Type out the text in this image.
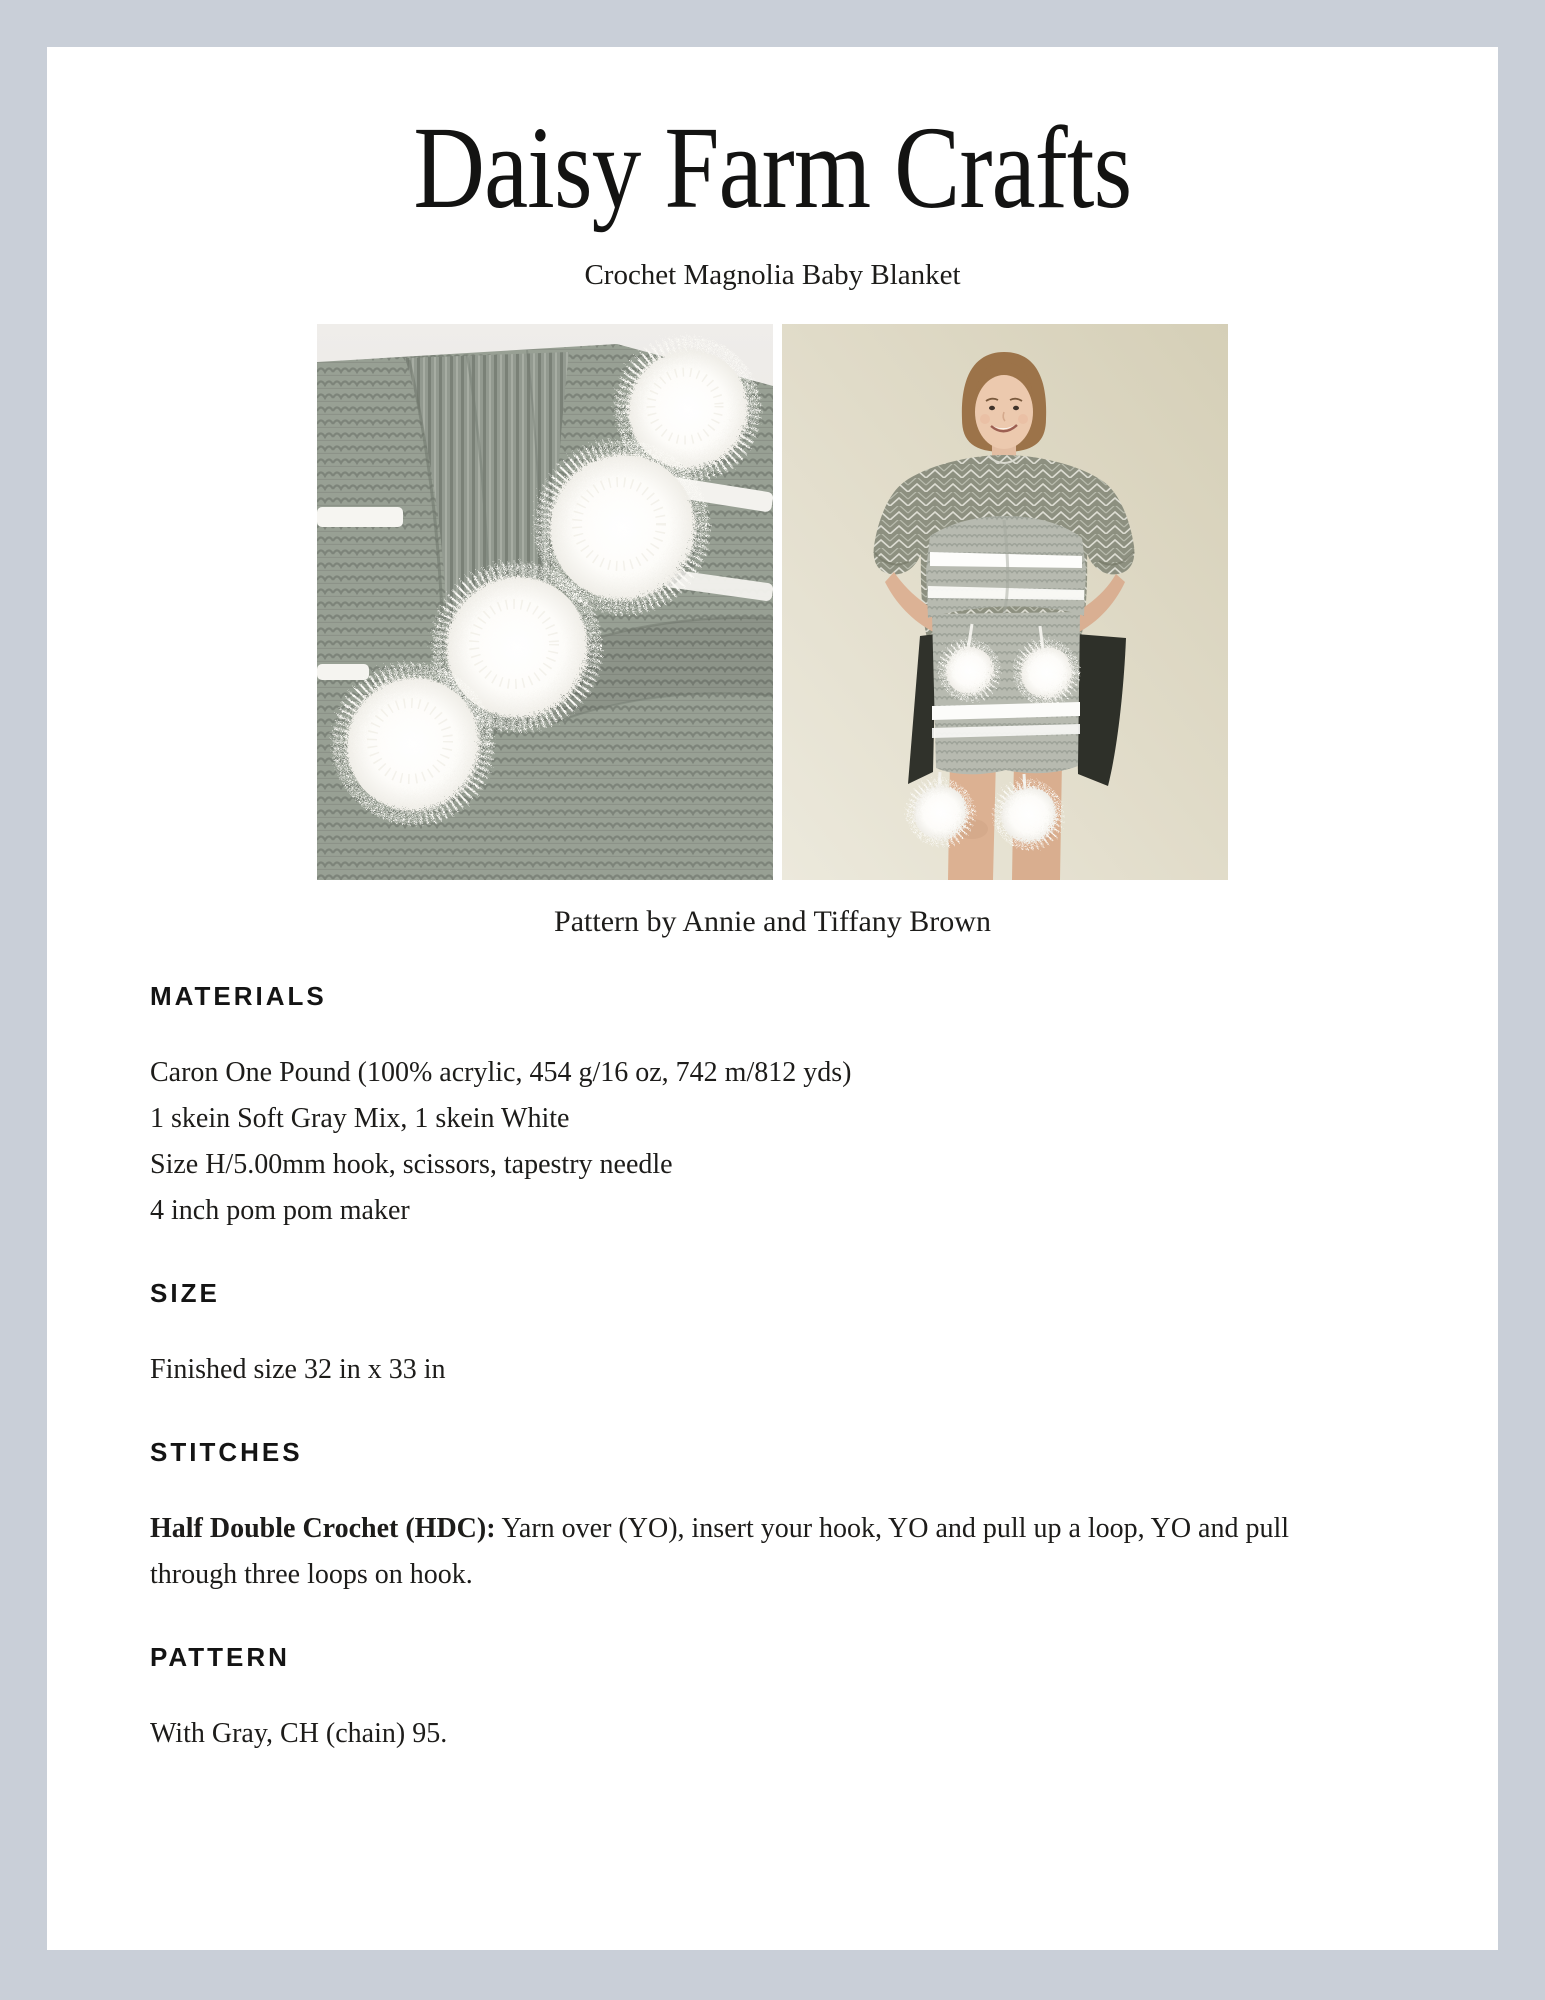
Daisy Farm Crafts
Crochet Magnolia Baby Blanket
Pattern by Annie and Tiffany Brown
MATERIALS
Caron One Pound (100% acrylic, 454 g/16 oz, 742 m/812 yds)
1 skein Soft Gray Mix, 1 skein White
Size H/5.00mm hook, scissors, tapestry needle
4 inch pom pom maker
SIZE
Finished size 32 in x 33 in
STITCHES

Half Double Crochet (HDC): Yarn over (YO), insert your hook, YO and pull up a loop, YO and pull through three loops on hook.

PATTERN
With Gray, CH (chain) 95.
